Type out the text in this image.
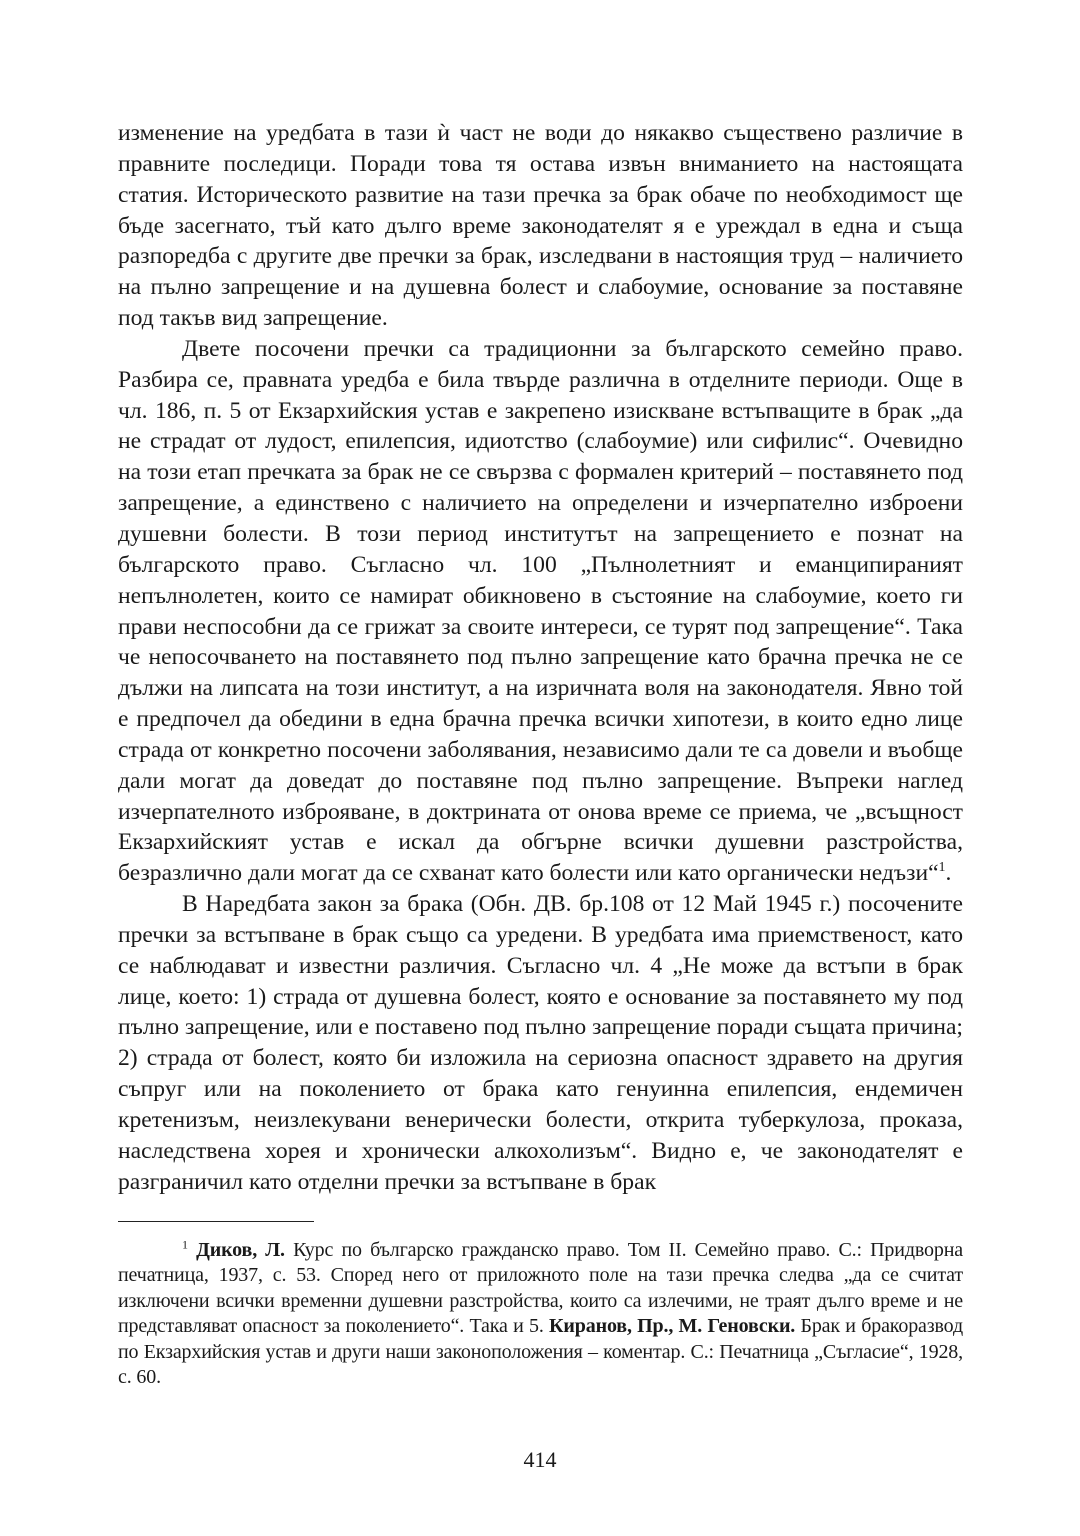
изменение на уредбата в тази ѝ част не води до някакво съществено различие в правните последици. Поради това тя остава извън вниманието на настоящата статия. Историческото развитие на тази пречка за брак обаче по необходимост ще бъде засегнато, тъй като дълго време законодателят я е уреждал в една и съща разпоредба с другите две пречки за брак, изследвани в настоящия труд – наличието на пълно запрещение и на душевна болест и слабоумие, основание за поставяне под такъв вид запрещение.

Двете посочени пречки са традиционни за българското семейно право. Разбира се, правната уредба е била твърде различна в отделните периоди. Още в чл. 186, п. 5 от Екзархийския устав е закрепено изискване встъпващите в брак „да не страдат от лудост, епилепсия, идиотство (слабоумие) или сифилис“. Очевидно на този етап пречката за брак не се свързва с формален критерий – поставянето под запрещение, а единствено с наличието на определени и изчерпателно изброени душевни болести. В този период институтът на запрещението е познат на българското право. Съгласно чл. 100 „Пълнолетният и еманципираният непълнолетен, които се намират обикновено в състояние на слабоумие, което ги прави неспособни да се грижат за своите интереси, се турят под запрещение“. Така че непосочването на поставянето под пълно запрещение като брачна пречка не се дължи на липсата на този институт, а на изричната воля на законодателя. Явно той е предпочел да обедини в една брачна пречка всички хипотези, в които едно лице страда от конкретно посочени заболявания, независимо дали те са довели и въобще дали могат да доведат до поставяне под пълно запрещение. Въпреки наглед изчерпателното изброяване, в доктрината от онова време се приема, че „всъщност Екзархийският устав е искал да обгърне всички душевни разстройства, безразлично дали могат да се схванат като болести или като органически недъзи“$^1$.

В Наредбата закон за брака (Обн. ДВ. бр.108 от 12 Май 1945 г.) посочените пречки за встъпване в брак също са уредени. В уредбата има приемственост, като се наблюдават и известни различия. Съгласно чл. 4 „Не може да встъпи в брак лице, което: 1) страда от душевна болест, която е основание за поставянето му под пълно запрещение, или е поставено под пълно запрещение поради същата причина; 2) страда от болест, която би изложила на сериозна опасност здравето на другия съпруг или на поколението от брака като генуинна епилепсия, ендемичен кретенизъм, неизлекувани венерически болести, открита туберкулоза, проказа, наследствена хорея и хронически алкохолизъм“. Видно е, че законодателят е разграничил като отделни пречки за встъпване в брак

$^1$ Диков, Л. Курс по българско гражданско право. Том II. Семейно право. С.: Придворна печатница, 1937, с. 53. Според него от приложното поле на тази пречка следва „да се считат изключени всички временни душевни разстройства, които са излечими, не траят дълго време и не представляват опасност за поколението“. Така и 5. Киранов, Пр., М. Геновски. Брак и бракоразвод по Екзархийския устав и други наши законоположения – коментар. С.: Печатница „Съгласие“, 1928, с. 60.

414
